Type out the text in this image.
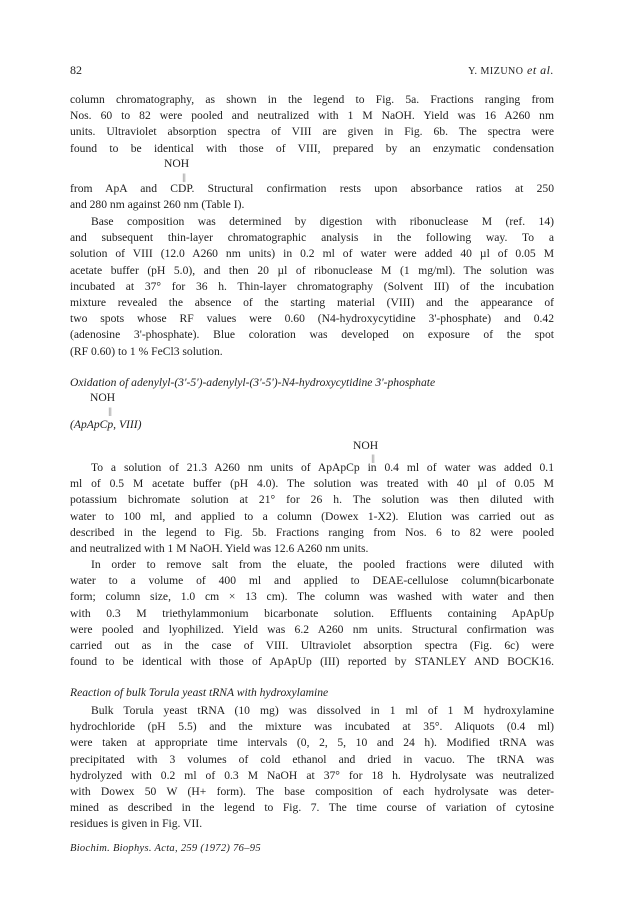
82	Y. MIZUNO et al.
column chromatography, as shown in the legend to Fig. 5a. Fractions ranging from
Nos. 60 to 82 were pooled and neutralized with 1 M NaOH. Yield was 16 A260 nm
units. Ultraviolet absorption spectra of VIII are given in Fig. 6b. The spectra were
found to be identical with those of VIII, prepared by an enzymatic condensation
NOH
||
from ApA and CDP. Structural confirmation rests upon absorbance ratios at 250
and 280 nm against 260 nm (Table I).
Base composition was determined by digestion with ribonuclease M (ref. 14)
and subsequent thin-layer chromatographic analysis in the following way. To a
solution of VIII (12.0 A260 nm units) in 0.2 ml of water were added 40 µl of 0.05 M
acetate buffer (pH 5.0), and then 20 µl of ribonuclease M (1 mg/ml). The solution was
incubated at 37° for 36 h. Thin-layer chromatography (Solvent III) of the incubation
mixture revealed the absence of the starting material (VIII) and the appearance of
two spots whose RF values were 0.60 (N4-hydroxycytidine 3'-phosphate) and 0.42
(adenosine 3'-phosphate). Blue coloration was developed on exposure of the spot
(RF 0.60) to 1 % FeCl3 solution.
Oxidation of adenylyl-(3'-5')-adenylyl-(3'-5')-N4-hydroxycytidine 3'-phosphate
NOH
||
(ApApCp, VIII)
NOH
||
To a solution of 21.3 A260 nm units of ApApCp in 0.4 ml of water was added 0.1
ml of 0.5 M acetate buffer (pH 4.0). The solution was treated with 40 µl of 0.05 M
potassium bichromate solution at 21° for 26 h. The solution was then diluted with
water to 100 ml, and applied to a column (Dowex 1-X2). Elution was carried out as
described in the legend to Fig. 5b. Fractions ranging from Nos. 6 to 82 were pooled
and neutralized with 1 M NaOH. Yield was 12.6 A260 nm units.
In order to remove salt from the eluate, the pooled fractions were diluted with
water to a volume of 400 ml and applied to DEAE-cellulose column(bicarbonate
form; column size, 1.0 cm × 13 cm). The column was washed with water and then
with 0.3 M triethylammonium bicarbonate solution. Effluents containing ApApUp
were pooled and lyophilized. Yield was 6.2 A260 nm units. Structural confirmation was
carried out as in the case of VIII. Ultraviolet absorption spectra (Fig. 6c) were
found to be identical with those of ApApUp (III) reported by STANLEY AND BOCK16.
Reaction of bulk Torula yeast tRNA with hydroxylamine
Bulk Torula yeast tRNA (10 mg) was dissolved in 1 ml of 1 M hydroxylamine
hydrochloride (pH 5.5) and the mixture was incubated at 35°. Aliquots (0.4 ml)
were taken at appropriate time intervals (0, 2, 5, 10 and 24 h). Modified tRNA was
precipitated with 3 volumes of cold ethanol and dried in vacuo. The tRNA was
hydrolyzed with 0.2 ml of 0.3 M NaOH at 37° for 18 h. Hydrolysate was neutralized
with Dowex 50 W (H+ form). The base composition of each hydrolysate was deter-
mined as described in the legend to Fig. 7. The time course of variation of cytosine
residues is given in Fig. VII.
Biochim. Biophys. Acta, 259 (1972) 76–95
